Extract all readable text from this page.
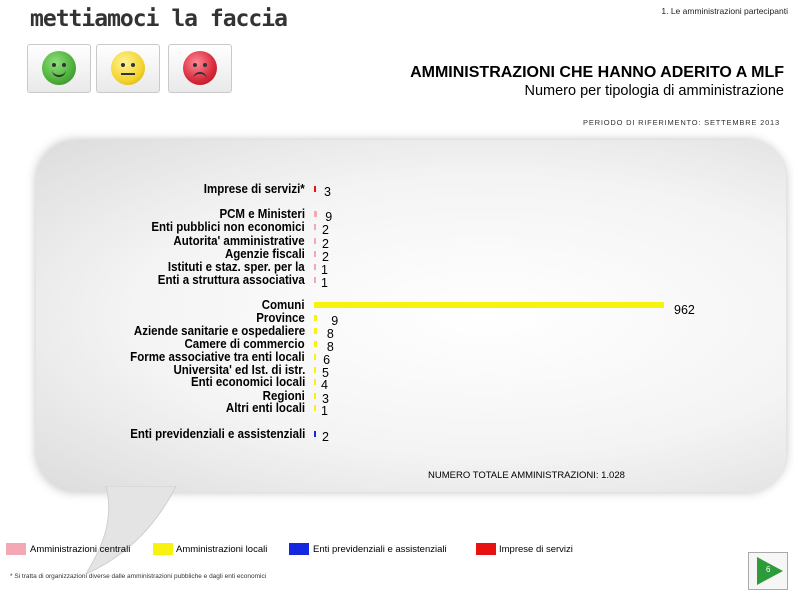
mettiamoci la faccia	1. Le amministrazioni partecipanti
AMMINISTRAZIONI CHE HANNO ADERITO A MLF
Numero per tipologia di amministrazione
PERIODO DI RIFERIMENTO: SETTEMBRE 2013
Imprese di servizi* 3
PCM e Ministeri 9
Enti pubblici non economici 2
Autorita' amministrative 2
Agenzie fiscali 2
Istituti e staz. sper. per la 1
Enti a struttura associativa 1
Comuni	962
Province 9
Aziende sanitarie e ospedaliere 8
Camere di commercio 8
Forme associative tra enti locali 6
Universita' ed Ist. di istr. 5
Enti economici locali 4
Regioni 3
Altri enti locali 1
Enti previdenziali e assistenziali 2
NUMERO TOTALE AMMINISTRAZIONI: 1.028
Amministrazioni centrali	Amministrazioni locali	Enti previdenziali e assistenziali	Imprese di servizi
* Si tratta di organizzazioni diverse dalle amministrazioni pubbliche e dagli enti economici
6
